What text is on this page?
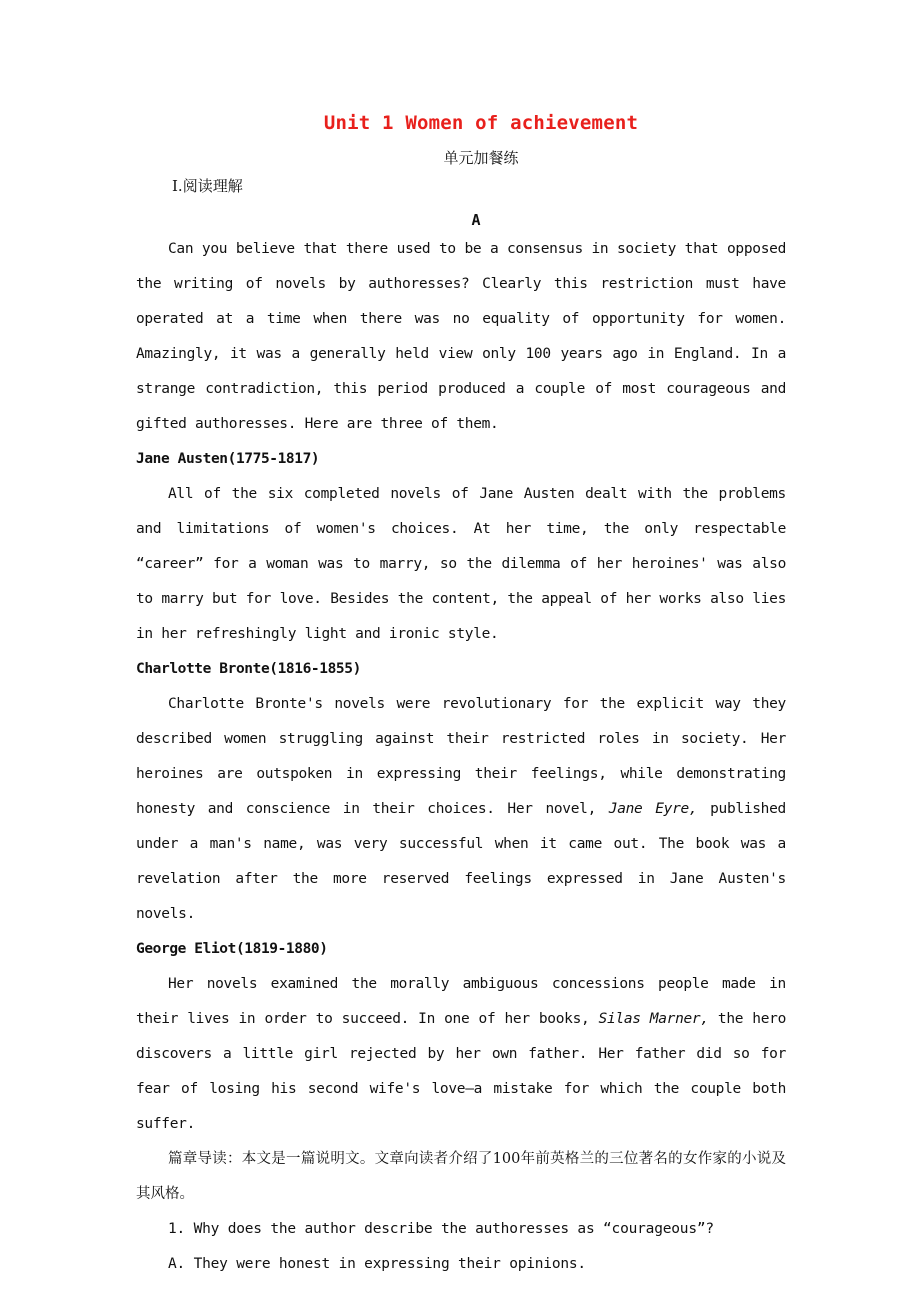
Unit 1 Women of achievement
单元加餐练
Ⅰ.阅读理解
A

Can you believe that there used to be a consensus in society that opposed the writing of novels by authoresses? Clearly this restriction must have operated at a time when there was no equality of opportunity for women. Amazingly, it was a generally held view only 100 years ago in England. In a strange contradiction, this period produced a couple of most courageous and gifted authoresses. Here are three of them.

Jane Austen(1775-1817)

All of the six completed novels of Jane Austen dealt with the problems and limitations of women's choices. At her time, the only respectable “career” for a woman was to marry, so the dilemma of her heroines' was also to marry but for love. Besides the content, the appeal of her works also lies in her refreshingly light and ironic style.

Charlotte Bronte(1816-1855)

Charlotte Bronte's novels were revolutionary for the explicit way they described women struggling against their restricted roles in society. Her heroines are outspoken in expressing their feelings, while demonstrating honesty and conscience in their choices. Her novel, Jane Eyre, published under a man's name, was very successful when it came out. The book was a revelation after the more reserved feelings expressed in Jane Austen's novels.

George Eliot(1819-1880)

Her novels examined the morally ambiguous concessions people made in their lives in order to succeed. In one of her books, Silas Marner, the hero discovers a little girl rejected by her own father. Her father did so for fear of losing his second wife's love—a mistake for which the couple both suffer.

篇章导读：本文是一篇说明文。文章向读者介绍了100年前英格兰的三位著名的女作家的小说及其风格。

1. Why does the author describe the authoresses as “courageous”?

A. They were honest in expressing their opinions.
